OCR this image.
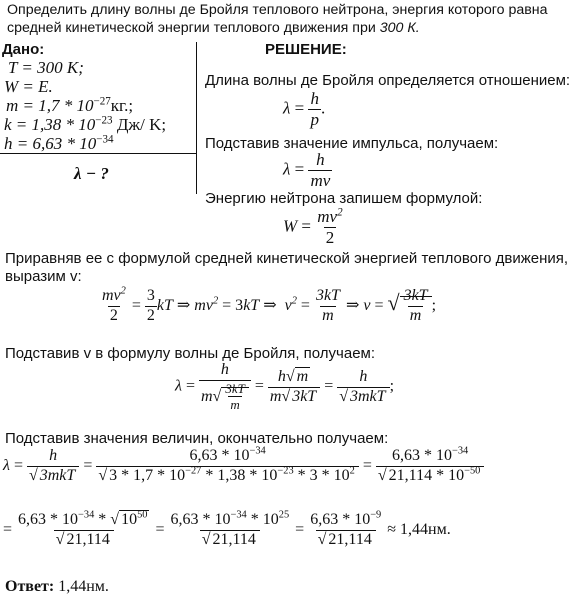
Определить длину волны де Бройля теплового нейтрона, энергия которого равна
средней кинетической энергии теплового движения при 300 К.
Дано:
T = 300 K;
W = E.
$m = 1,7 * 10^{-27}кг$.;
$k = 1,38 * 10^{-23}$ Дж/ K;
$h = 6,63 * 10^{-34}$
λ − ?
РЕШЕНИЕ:
Длина волны де Бройля определяется отношением:
$\lambda = \frac{h}{p}$ .
Подставив значение импульса, получаем:
$\lambda = \frac{h}{mv}$
Энергию нейтрона запишем формулой:
$W = \frac{mv^2}{2}$
Приравняв ее с формулой средней кинетической энергией теплового движения,
выразим v:
$\frac{mv^2}{2} = \frac{3}{2}$ kT ⇒ $mv^2 = 3kT$ ⇒  $v^2 = \frac{3kT}{m}$ ⇒ v = √ $\frac{3kT}{m}$ ;
Подставив v в формулу волны де Бройля, получаем:
$\lambda = \frac{h}{m√ \frac{3kT}{m}} = \frac{h√ m}{m√ 3kT} = \frac{h}{\text{√ 3mkT}}$ ;
Подставив значения величин, окончательно получаем:
$\lambda = \frac{h}{\text{√ 3mkT}} = \frac{6,63 * 10^{-34}}{√ 3 * 1,7 * 10^{-27} * 1,38 * 10^{-23} * 3 * 10^2} = \frac{6,63 * 10^{-34}}{√ 21,114 * 10^{-50}}$
= $\frac{6,63 * 10^{-34} * √ 10^{50}}{√ 21,114} = \frac{6,63 * 10^{-34} * 10^{25}}{√ 21,114} = \frac{6,63 * 10^{-9}}{√ 21,114} \approx 1,44нм$.
Ответ: 1,44нм.
